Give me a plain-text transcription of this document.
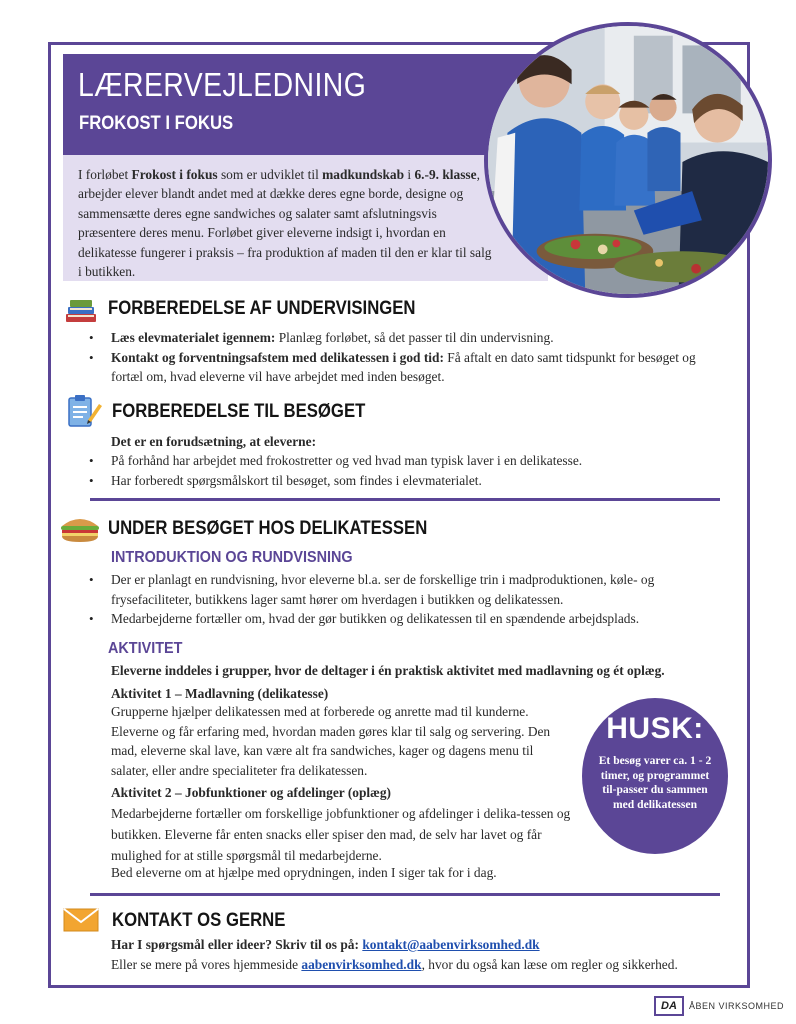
LÆRERVEJLEDNING
FROKOST I FOKUS

I forløbet Frokost i fokus som er udviklet til madkundskab i 6.-9. klasse, arbejder elever blandt andet med at dække deres egne borde, designe og sammensætte deres egne sandwiches og salater samt afslutningsvis præsentere deres menu. Forløbet giver eleverne indsigt i, hvordan en delikatesse fungerer i praksis – fra produktion af maden til den er klar til salg i butikken.

FORBEREDELSE AF UNDERVISINGEN
• Læs elevmaterialet igennem: Planlæg forløbet, så det passer til din undervisning.
• Kontakt og forventningsafstem med delikatessen i god tid: Få aftalt en dato samt tidspunkt for besøget og fortæl om, hvad eleverne vil have arbejdet med inden besøget.
FORBEREDELSE TIL BESØGET
Det er en forudsætning, at eleverne:
• På forhånd har arbejdet med frokostretter og ved hvad man typisk laver i en delikatesse.
• Har forberedt spørgsmålskort til besøget, som findes i elevmaterialet.
UNDER BESØGET HOS DELIKATESSEN
INTRODUKTION OG RUNDVISNING
• Der er planlagt en rundvisning, hvor eleverne bl.a. ser de forskellige trin i madproduktionen, køle- og frysefaciliteter, butikkens lager samt hører om hverdagen i butikken og delikatessen.
• Medarbejderne fortæller om, hvad der gør butikken og delikatessen til en spændende arbejdsplads.
AKTIVITET
Eleverne inddeles i grupper, hvor de deltager i én praktisk aktivitet med madlavning og ét oplæg.
Aktivitet 1 – Madlavning (delikatesse)
Grupperne hjælper delikatessen med at forberede og anrette mad til kunderne. Eleverne og får erfaring med, hvordan maden gøres klar til salg og servering. Den mad, eleverne skal lave, kan være alt fra sandwiches, kager og dagens menu til salater, eller andre specialiteter fra delikatessen.
Aktivitet 2 – Jobfunktioner og afdelinger (oplæg)
Medarbejderne fortæller om forskellige jobfunktioner og afdelinger i delika-tessen og butikken. Eleverne får enten snacks eller spiser den mad, de selv har lavet og får mulighed for at stille spørgsmål til medarbejderne.
Bed eleverne om at hjælpe med oprydningen, inden I siger tak for i dag.
HUSK:
Et besøg varer ca. 1 - 2 timer, og programmet til-passer du sammen med delikatessen
KONTAKT OS GERNE
Har I spørgsmål eller ideer? Skriv til os på: kontakt@aabenvirksomhed.dk
Eller se mere på vores hjemmeside aabenvirksomhed.dk, hvor du også kan læse om regler og sikkerhed.
DA	ÅBEN VIRKSOMHED
